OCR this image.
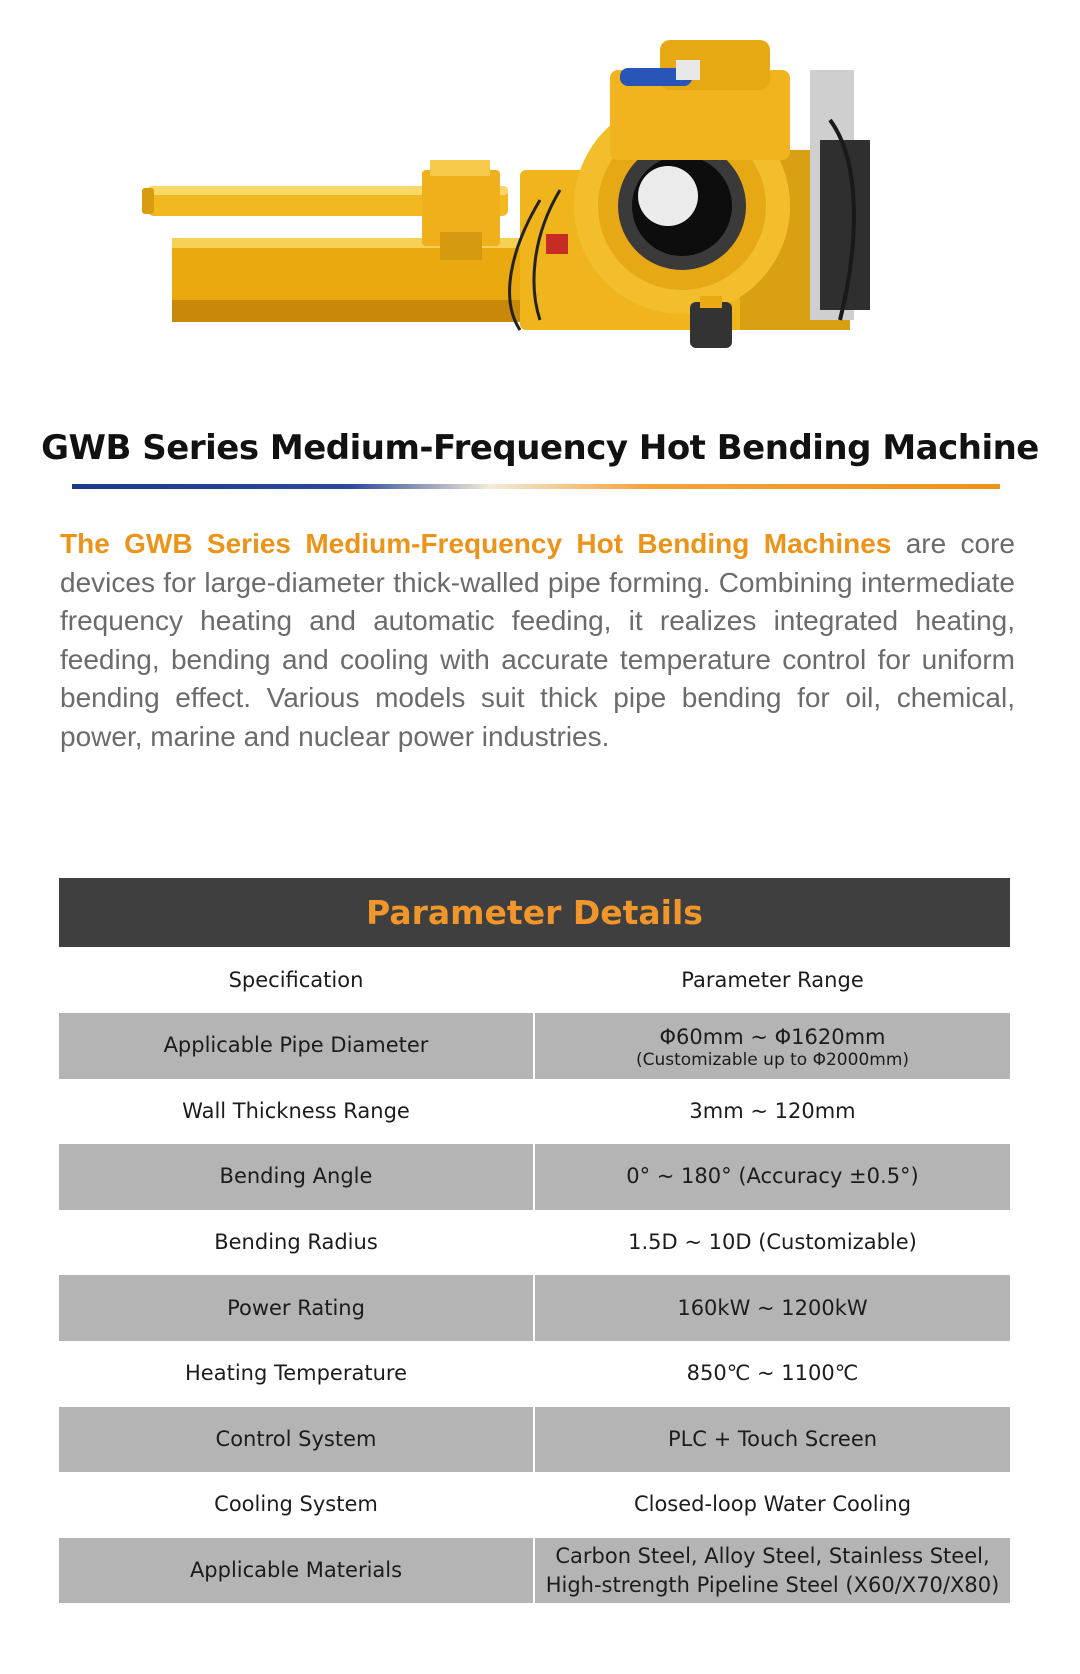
GWB Series Medium-Frequency Hot Bending Machine
The GWB Series Medium-Frequency Hot Bending Machines are core devices for large-diameter thick-walled pipe forming. Combining intermediate frequency heating and automatic feeding, it realizes integrated heating, feeding, bending and cooling with accurate temperature control for uniform bending effect. Various models suit thick pipe bending for oil, chemical, power, marine and nuclear power industries.
Parameter Details
Specification	Parameter Range
Applicable Pipe Diameter	Φ60mm ~ Φ1620mm
(Customizable up to Φ2000mm)
Wall Thickness Range	3mm ~ 120mm
Bending Angle	0° ~ 180° (Accuracy ±0.5°)
Bending Radius	1.5D ~ 10D (Customizable)
Power Rating	160kW ~ 1200kW
Heating Temperature	850℃ ~ 1100℃
Control System	PLC + Touch Screen
Cooling System	Closed-loop Water Cooling
Applicable Materials
Carbon Steel, Alloy Steel, Stainless Steel,
High-strength Pipeline Steel (X60/X70/X80)
